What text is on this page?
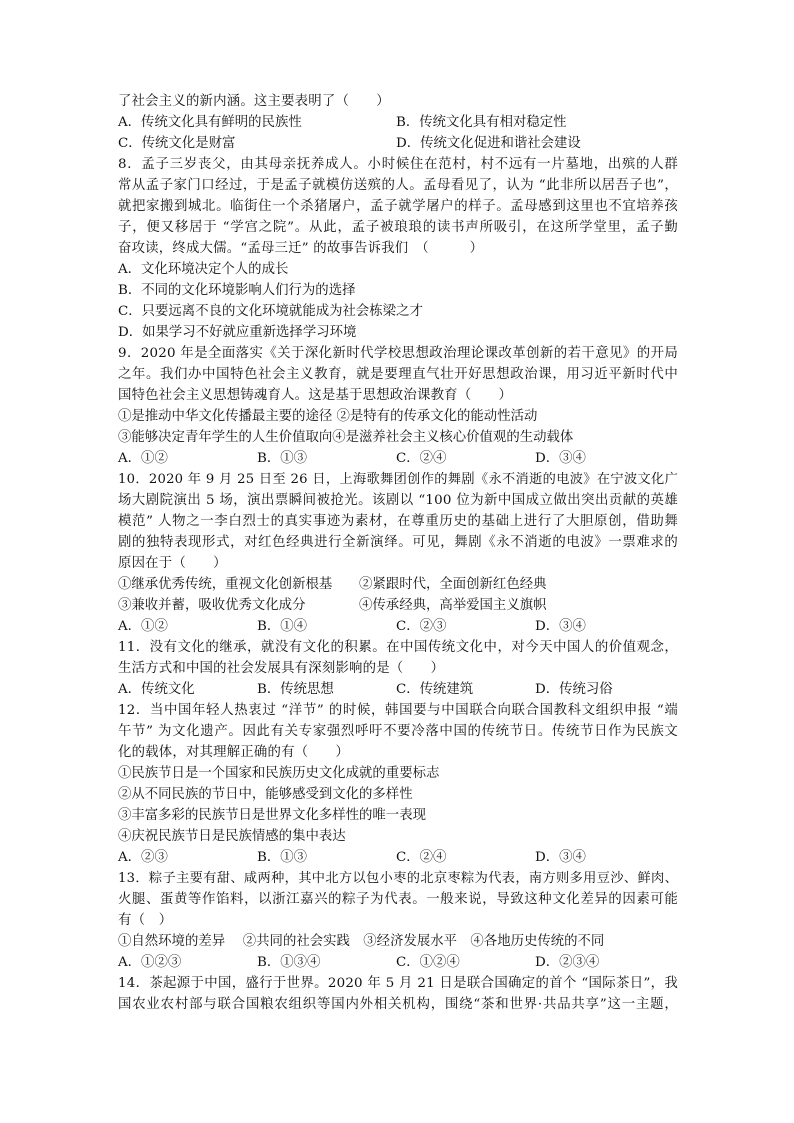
了社会主义的新内涵。这主要表明了（　　）
A．传统文化具有鲜明的民族性	B．传统文化具有相对稳定性
C．传统文化是财富	D．传统文化促进和谐社会建设
8．孟子三岁丧父，由其母亲抚养成人。小时候住在范村，村不远有一片墓地，出殡的人群
常从孟子家门口经过，于是孟子就模仿送殡的人。孟母看见了，认为 “此非所以居吾子也”，
就把家搬到城北。临街住一个杀猪屠户，孟子就学屠户的样子。孟母感到这里也不宜培养孩
子，便又移居于 “学宫之院”。从此，孟子被琅琅的读书声所吸引，在这所学堂里，孟子勤
奋攻读，终成大儒。“孟母三迁” 的故事告诉我们　（　　　）
A．文化环境决定个人的成长
B．不同的文化环境影响人们行为的选择
C．只要远离不良的文化环境就能成为社会栋梁之才
D．如果学习不好就应重新选择学习环境
9．2020 年是全面落实《关于深化新时代学校思想政治理论课改革创新的若干意见》的开局
之年。我们办中国特色社会主义教育，就是要理直气壮开好思想政治课，用习近平新时代中
国特色社会主义思想铸魂育人。这是基于思想政治课教育（　　）
①是推动中华文化传播最主要的途径 ②是特有的传承文化的能动性活动
③能够决定青年学生的人生价值取向④是滋养社会主义核心价值观的生动载体
A．①②	B．①③	C．②④	D．③④
10．2020 年 9 月 25 日至 26 日，上海歌舞团创作的舞剧《永不消逝的电波》在宁波文化广
场大剧院演出 5 场，演出票瞬间被抢光。该剧以 “100 位为新中国成立做出突出贡献的英雄
模范” 人物之一李白烈士的真实事迹为素材，在尊重历史的基础上进行了大胆原创，借助舞
剧的独特表现形式，对红色经典进行全新演绎。可见，舞剧《永不消逝的电波》一票难求的
原因在于（　　）
①继承优秀传统，重视文化创新根基　　②紧跟时代，全面创新红色经典
③兼收并蓄，吸收优秀文化成分　　　　④传承经典，高举爱国主义旗帜
A．①②	B．①④	C．②③	D．③④
11．没有文化的继承，就没有文化的积累。在中国传统文化中，对今天中国人的价值观念，
生活方式和中国的社会发展具有深刻影响的是（　　）
A．传统文化	B．传统思想	C．传统建筑	D．传统习俗
12．当中国年轻人热衷过 “洋节” 的时候，韩国要与中国联合向联合国教科文组织申报 “端
午节” 为文化遗产。因此有关专家强烈呼吁不要冷落中国的传统节日。传统节日作为民族文
化的载体，对其理解正确的有（　　）
①民族节日是一个国家和民族历史文化成就的重要标志
②从不同民族的节日中，能够感受到文化的多样性
③丰富多彩的民族节日是世界文化多样性的唯一表现
④庆祝民族节日是民族情感的集中表达
A．②③	B．①③	C．②④	D．③④
13．粽子主要有甜、咸两种，其中北方以包小枣的北京枣粽为代表，南方则多用豆沙、鲜肉、
火腿、蛋黄等作馅料，以浙江嘉兴的粽子为代表。一般来说，导致这种文化差异的因素可能
有（　）
①自然环境的差异　 ②共同的社会实践　③经济发展水平　④各地历史传统的不同
A．①②③	B．①③④	C．①②④	D．②③④
14．茶起源于中国，盛行于世界。2020 年 5 月 21 日是联合国确定的首个 “国际茶日”，我
国农业农村部与联合国粮农组织等国内外相关机构，围绕“茶和世界·共品共享”这一主题，
